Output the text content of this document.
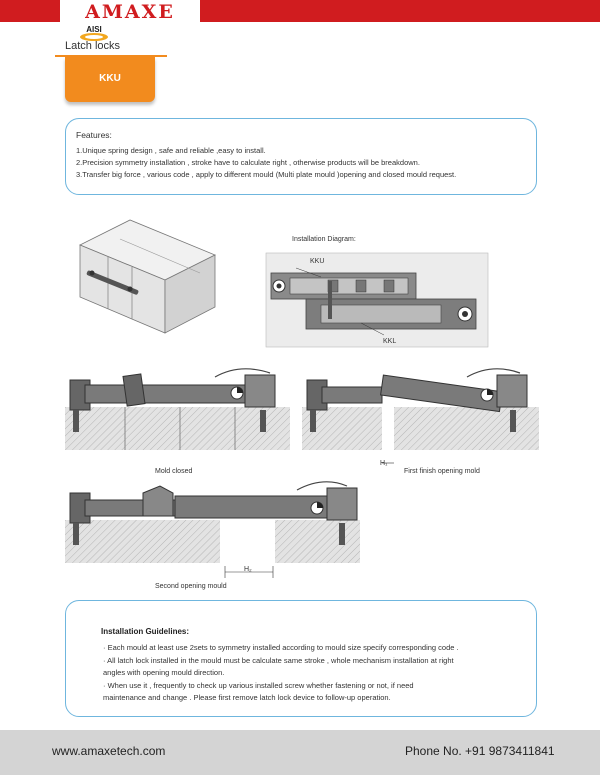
AMAXE
AISI
Latch locks
KKU
Features:
1.Unique spring design , safe and reliable ,easy to install.
2.Precision symmetry installation , stroke have to calculate right , otherwise products will be breakdown.
3.Transfer big force , various code , apply to different mould (Multi plate mould )opening and closed mould request.
Installation Diagram:
KKU
KKL
H₁
Mold closed	First finish opening mold
H₂
Second opening mould
Installation Guidelines:
· Each mould at least use 2sets to symmetry installed according to mould size specify corresponding code .
· All latch lock installed in the mould must be calculate same stroke , whole mechanism installation at right
angles with opening mould direction.
· When use it , frequently to check up various installed screw whether fastening or not, if need
maintenance and change . Please first remove latch lock device to follow-up operation.
www.amaxetech.com	Phone No. +91 9873411841
